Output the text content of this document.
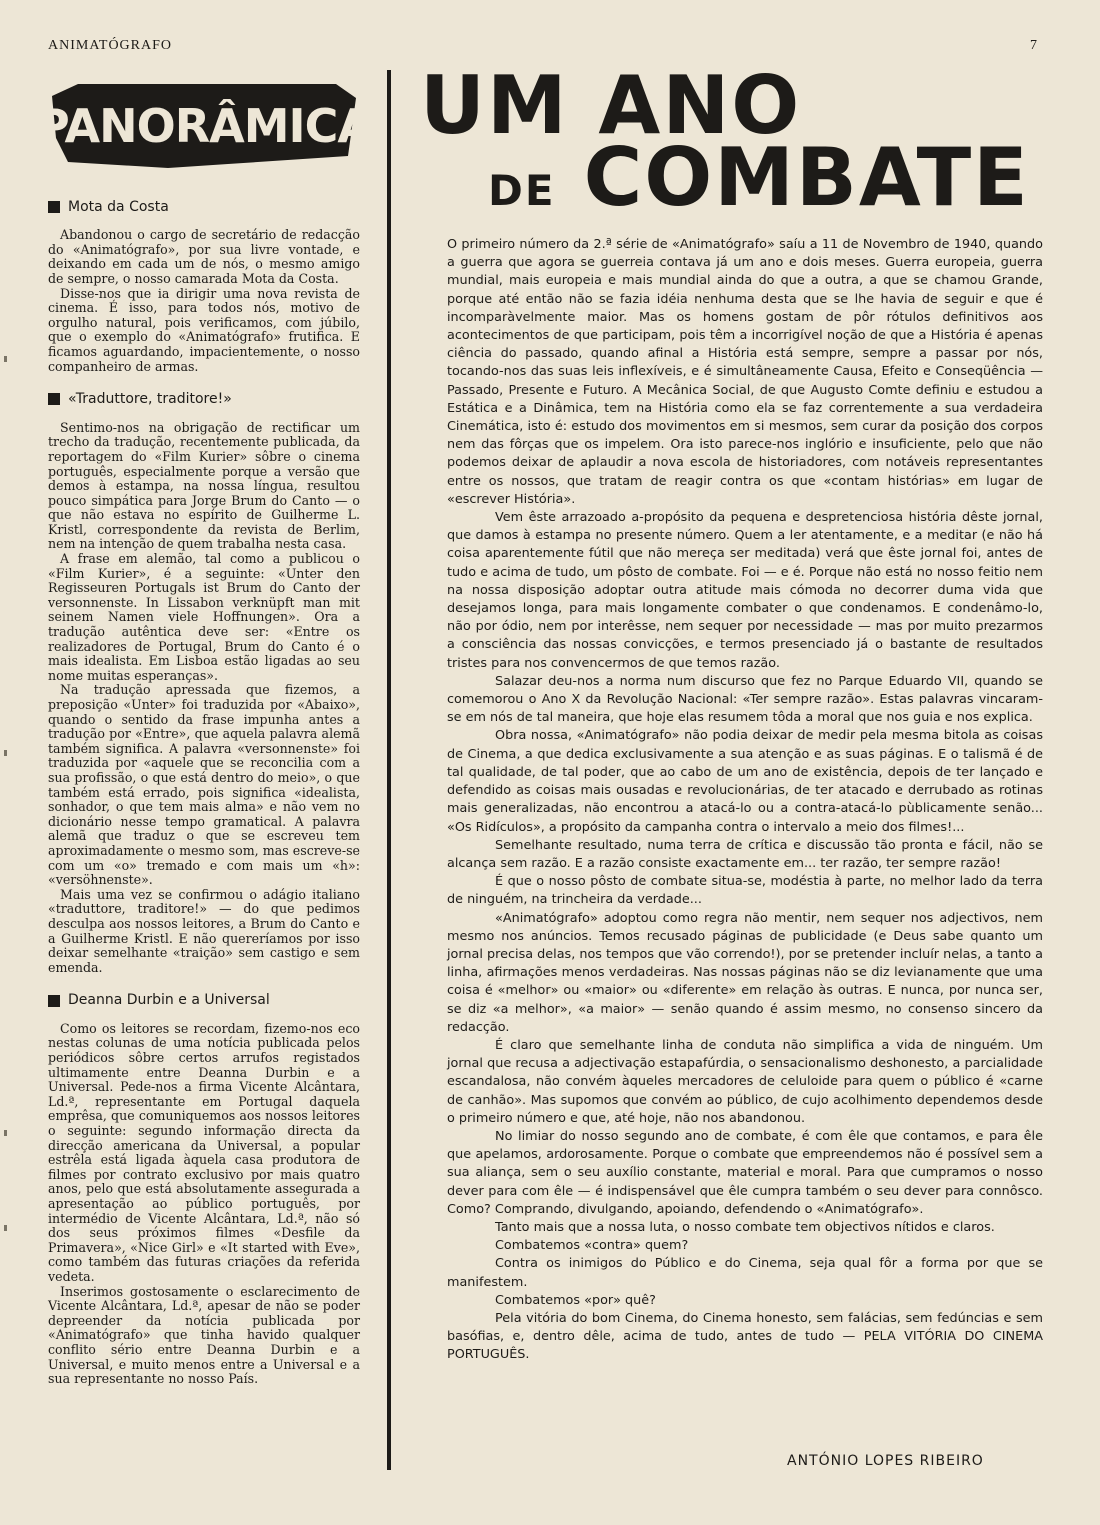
ANIMATÓGRAFO	7
PANORÂMICA
Mota da Costa

Abandonou o cargo de secretário de redacção do «Animatógrafo», por sua livre vontade, e deixando em cada um de nós, o mesmo amigo de sempre, o nosso camarada Mota da Costa.

Disse-nos que ia dirigir uma nova revista de cinema. É isso, para todos nós, motivo de orgulho natural, pois verificamos, com júbilo, que o exemplo do «Animatógrafo» frutifica. E ficamos aguardando, impacientemente, o nosso companheiro de armas.

«Traduttore, traditore!»

Sentimo-nos na obrigação de rectificar um trecho da tradução, recentemente publicada, da reportagem do «Film Kurier» sôbre o cinema português, especialmente porque a versão que demos à estampa, na nossa língua, resultou pouco simpática para Jorge Brum do Canto — o que não estava no espírito de Guilherme L. Kristl, correspondente da revista de Berlim, nem na intenção de quem trabalha nesta casa.

A frase em alemão, tal como a publicou o «Film Kurier», é a seguinte: «Unter den Regisseuren Portugals ist Brum do Canto der versonnenste. In Lissabon verknüpft man mit seinem Namen viele Hoffnungen». Ora a tradução autêntica deve ser: «Entre os realizadores de Portugal, Brum do Canto é o mais idealista. Em Lisboa estão ligadas ao seu nome muitas esperanças».

Na tradução apressada que fizemos, a preposição «Unter» foi traduzida por «Abaixo», quando o sentido da frase impunha antes a tradução por «Entre», que aquela palavra alemã também significa. A palavra «versonnenste» foi traduzida por «aquele que se reconcilia com a sua profissão, o que está dentro do meio», o que também está errado, pois significa «idealista, sonhador, o que tem mais alma» e não vem no dicionário nesse tempo gramatical. A palavra alemã que traduz o que se escreveu tem aproximadamente o mesmo som, mas escreve-se com um «o» tremado e com mais um «h»: «versöhnenste».

Mais uma vez se confirmou o adágio italiano «traduttore, traditore!» — do que pedimos desculpa aos nossos leitores, a Brum do Canto e a Guilherme Kristl. E não quereríamos por isso deixar semelhante «traição» sem castigo e sem emenda.

Deanna Durbin e a Universal

Como os leitores se recordam, fizemo-nos eco nestas colunas de uma notícia publicada pelos periódicos sôbre certos arrufos registados ultimamente entre Deanna Durbin e a Universal. Pede-nos a firma Vicente Alcântara, Ld.ª, representante em Portugal daquela emprêsa, que comuniquemos aos nossos leitores o seguinte: segundo informação directa da direcção americana da Universal, a popular estrêla está ligada àquela casa produtora de filmes por contrato exclusivo por mais quatro anos, pelo que está absolutamente assegurada a apresentação ao público português, por intermédio de Vicente Alcântara, Ld.ª, não só dos seus próximos filmes «Desfile da Primavera», «Nice Girl» e «It started with Eve», como também das futuras criações da referida vedeta.

Inserimos gostosamente o esclarecimento de Vicente Alcântara, Ld.ª, apesar de não se poder depreender da notícia publicada por «Animatógrafo» que tinha havido qualquer conflito sério entre Deanna Durbin e a Universal, e muito menos entre a Universal e a sua representante no nosso País.

UM ANO
DE COMBATE

O primeiro número da 2.ª série de «Animatógrafo» saíu a 11 de Novembro de 1940, quando a guerra que agora se guerreia contava já um ano e dois meses. Guerra europeia, guerra mundial, mais europeia e mais mundial ainda do que a outra, a que se chamou Grande, porque até então não se fazia idéia nenhuma desta que se lhe havia de seguir e que é incomparàvelmente maior. Mas os homens gostam de pôr rótulos definitivos aos acontecimentos de que participam, pois têm a incorrigível noção de que a História é apenas ciência do passado, quando afinal a História está sempre, sempre a passar por nós, tocando-nos das suas leis inflexíveis, e é simultâneamente Causa, Efeito e Conseqüência — Passado, Presente e Futuro. A Mecânica Social, de que Augusto Comte definiu e estudou a Estática e a Dinâmica, tem na História como ela se faz correntemente a sua verdadeira Cinemática, isto é: estudo dos movimentos em si mesmos, sem curar da posição dos corpos nem das fôrças que os impelem. Ora isto parece-nos inglório e insuficiente, pelo que não podemos deixar de aplaudir a nova escola de historiadores, com notáveis representantes entre os nossos, que tratam de reagir contra os que «contam histórias» em lugar de «escrever História».

Vem êste arrazoado a-propósito da pequena e despretenciosa história dêste jornal, que damos à estampa no presente número. Quem a ler atentamente, e a meditar (e não há coisa aparentemente fútil que não mereça ser meditada) verá que êste jornal foi, antes de tudo e acima de tudo, um pôsto de combate. Foi — e é. Porque não está no nosso feitio nem na nossa disposição adoptar outra atitude mais cómoda no decorrer duma vida que desejamos longa, para mais longamente combater o que condenamos. E condenâmo-lo, não por ódio, nem por interêsse, nem sequer por necessidade — mas por muito prezarmos a consciência das nossas convicções, e termos presenciado já o bastante de resultados tristes para nos convencermos de que temos razão.

Salazar deu-nos a norma num discurso que fez no Parque Eduardo VII, quando se comemorou o Ano X da Revolução Nacional: «Ter sempre razão». Estas palavras vincaram-se em nós de tal maneira, que hoje elas resumem tôda a moral que nos guia e nos explica.

Obra nossa, «Animatógrafo» não podia deixar de medir pela mesma bitola as coisas de Cinema, a que dedica exclusivamente a sua atenção e as suas páginas. E o talismã é de tal qualidade, de tal poder, que ao cabo de um ano de existência, depois de ter lançado e defendido as coisas mais ousadas e revolucionárias, de ter atacado e derrubado as rotinas mais generalizadas, não encontrou a atacá-lo ou a contra-atacá-lo pùblicamente senão... «Os Ridículos», a propósito da campanha contra o intervalo a meio dos filmes!...

Semelhante resultado, numa terra de crítica e discussão tão pronta e fácil, não se alcança sem razão. E a razão consiste exactamente em... ter razão, ter sempre razão!

É que o nosso pôsto de combate situa-se, modéstia à parte, no melhor lado da terra de ninguém, na trincheira da verdade...

«Animatógrafo» adoptou como regra não mentir, nem sequer nos adjectivos, nem mesmo nos anúncios. Temos recusado páginas de publicidade (e Deus sabe quanto um jornal precisa delas, nos tempos que vão correndo!), por se pretender incluír nelas, a tanto a linha, afirmações menos verdadeiras. Nas nossas páginas não se diz levianamente que uma coisa é «melhor» ou «maior» ou «diferente» em relação às outras. E nunca, por nunca ser, se diz «a melhor», «a maior» — senão quando é assim mesmo, no consenso sincero da redacção.

É claro que semelhante linha de conduta não simplifica a vida de ninguém. Um jornal que recusa a adjectivação estapafúrdia, o sensacionalismo deshonesto, a parcialidade escandalosa, não convém àqueles mercadores de celuloide para quem o público é «carne de canhão». Mas supomos que convém ao público, de cujo acolhimento dependemos desde o primeiro número e que, até hoje, não nos abandonou.

No limiar do nosso segundo ano de combate, é com êle que contamos, e para êle que apelamos, ardorosamente. Porque o combate que empreendemos não é possível sem a sua aliança, sem o seu auxílio constante, material e moral. Para que cumpramos o nosso dever para com êle — é indispensável que êle cumpra também o seu dever para connôsco. Como? Comprando, divulgando, apoiando, defendendo o «Animatógrafo».

Tanto mais que a nossa luta, o nosso combate tem objectivos nítidos e claros.

Combatemos «contra» quem?

Contra os inimigos do Público e do Cinema, seja qual fôr a forma por que se manifestem.

Combatemos «por» quê?

Pela vitória do bom Cinema, do Cinema honesto, sem falácias, sem fedúncias e sem basófias, e, dentro dêle, acima de tudo, antes de tudo — PELA VITÓRIA DO CINEMA PORTUGUÊS.

ANTÓNIO LOPES RIBEIRO
